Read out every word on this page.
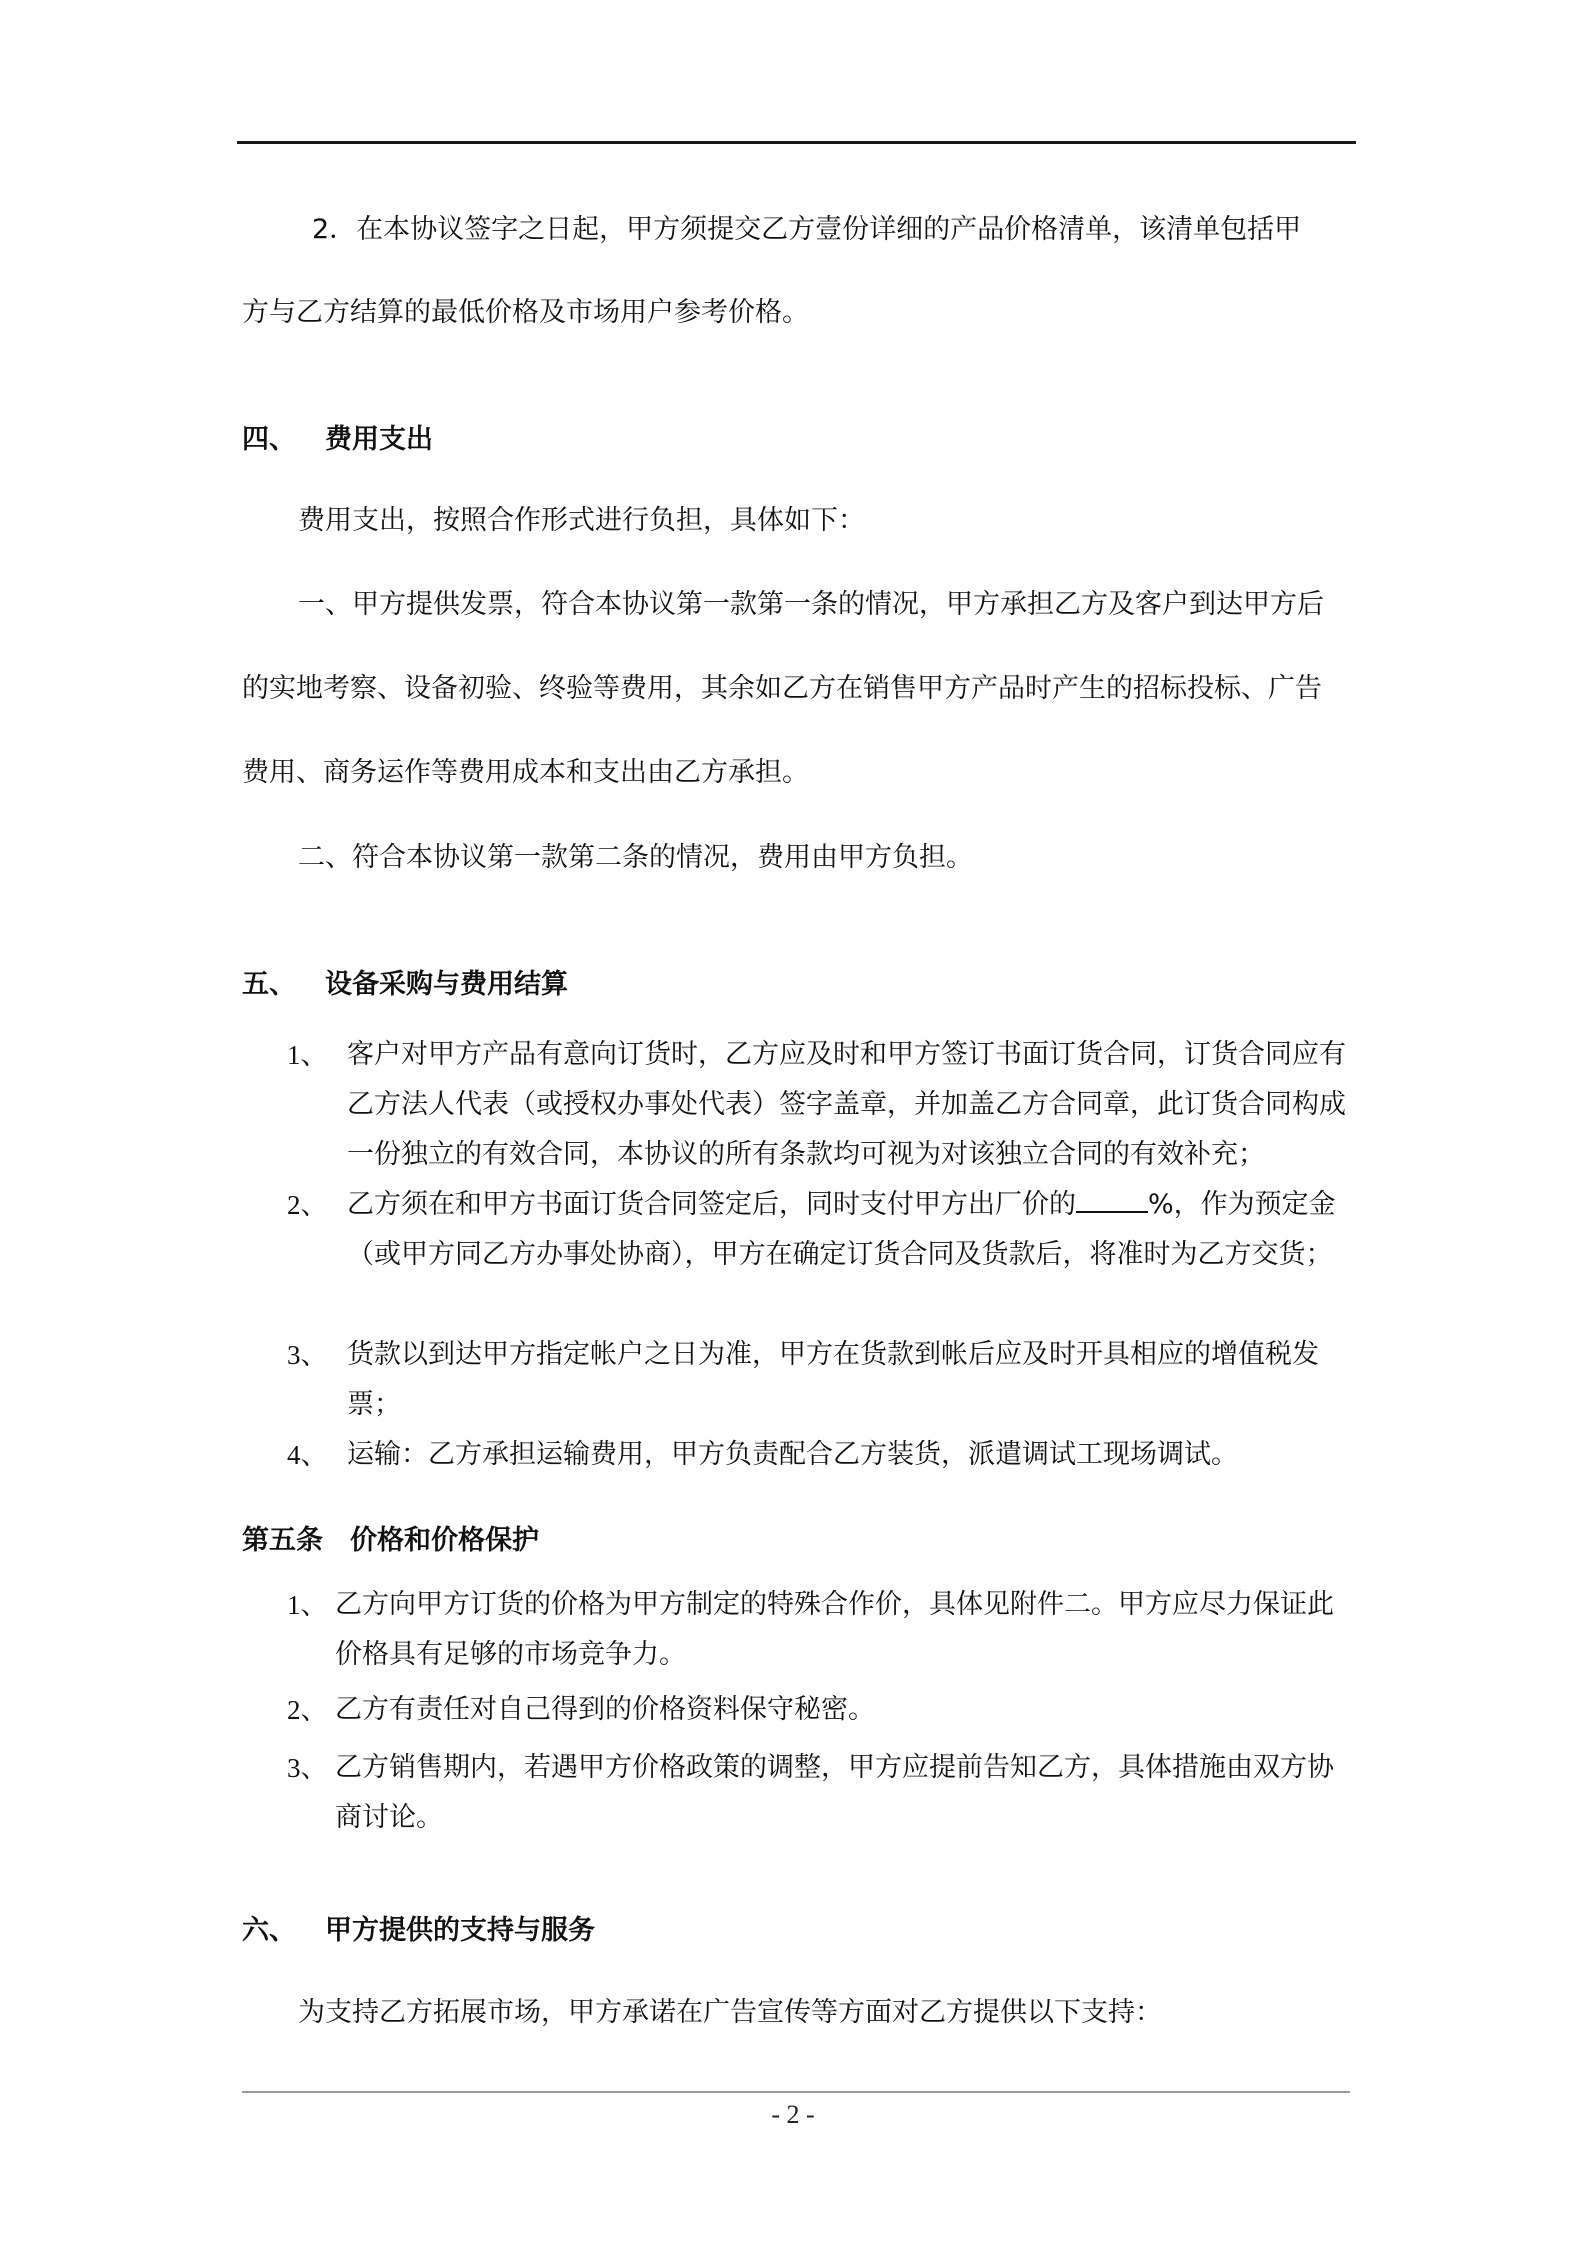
2．在本协议签字之日起，甲方须提交乙方壹份详细的产品价格清单，该清单包括甲
方与乙方结算的最低价格及市场用户参考价格。
四、 费用支出
费用支出，按照合作形式进行负担，具体如下：
一、甲方提供发票，符合本协议第一款第一条的情况，甲方承担乙方及客户到达甲方后
的实地考察、设备初验、终验等费用，其余如乙方在销售甲方产品时产生的招标投标、广告
费用、商务运作等费用成本和支出由乙方承担。
二、符合本协议第一款第二条的情况，费用由甲方负担。
五、 设备采购与费用结算
1、 客户对甲方产品有意向订货时，乙方应及时和甲方签订书面订货合同，订货合同应有乙方法人代表（或授权办事处代表）签字盖章，并加盖乙方合同章，此订货合同构成一份独立的有效合同，本协议的所有条款均可视为对该独立合同的有效补充；
2、 乙方须在和甲方书面订货合同签定后，同时支付甲方出厂价的	%，作为预定金（或甲方同乙方办事处协商），甲方在确定订货合同及货款后，将准时为乙方交货；
3、 货款以到达甲方指定帐户之日为准，甲方在货款到帐后应及时开具相应的增值税发票；
4、 运输：乙方承担运输费用，甲方负责配合乙方装货，派遣调试工现场调试。
第五条　价格和价格保护
1、 乙方向甲方订货的价格为甲方制定的特殊合作价，具体见附件二。甲方应尽力保证此价格具有足够的市场竞争力。
2、 乙方有责任对自己得到的价格资料保守秘密。
3、 乙方销售期内，若遇甲方价格政策的调整，甲方应提前告知乙方，具体措施由双方协商讨论。
六、 甲方提供的支持与服务
为支持乙方拓展市场，甲方承诺在广告宣传等方面对乙方提供以下支持：
- 2 -
